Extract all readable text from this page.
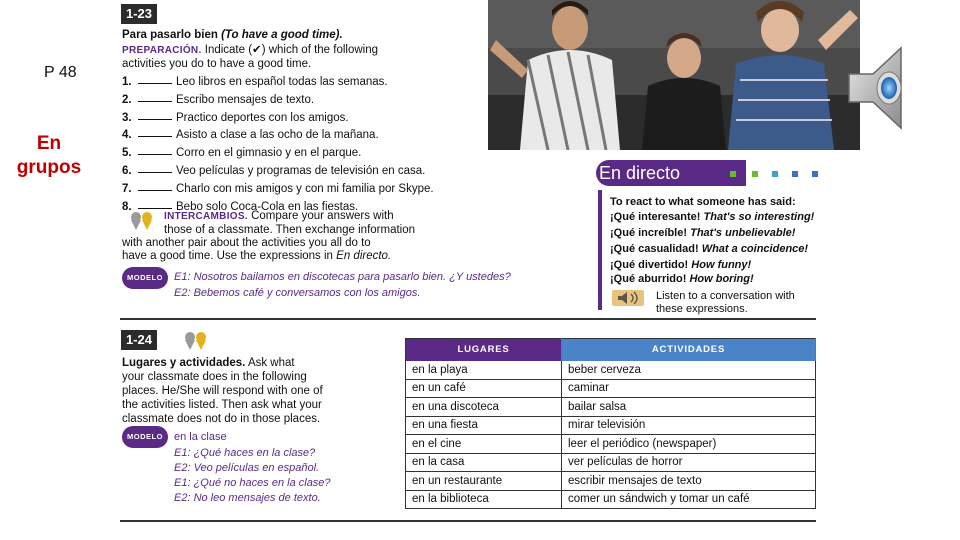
P 48
En grupos
1-23
Para pasarlo bien (To have a good time).
PREPARACIÓN. Indicate (✔) which of the following
activities you do to have a good time.
1.	Leo libros en español todas las semanas.
2.	Escribo mensajes de texto.
3.	Practico deportes con los amigos.
4.	Asisto a clase a las ocho de la mañana.
5.	Corro en el gimnasio y en el parque.
6.	Veo películas y programas de televisión en casa.
7.	Charlo con mis amigos y con mi familia por Skype.
8.	Bebo solo Coca-Cola en las fiestas.
INTERCAMBIOS. Compare your answers with
those of a classmate. Then exchange information
with another pair about the activities you all do to
have a good time. Use the expressions in En directo.
MODELO	E1: Nosotros bailamos en discotecas para pasarlo bien. ¿Y ustedes?
E2: Bebemos café y conversamos con los amigos.
En directo
To react to what someone has said:
¡Qué interesante! That's so interesting!
¡Qué increíble! That's unbelievable!
¡Qué casualidad! What a coincidence!
¡Qué divertido! How funny!
¡Qué aburrido! How boring!
Listen to a conversation with
these expressions.
1-24
Lugares y actividades. Ask what
your classmate does in the following
places. He/She will respond with one of
the activities listed. Then ask what your
classmate does not do in those places.
MODELO	en la clase
E1: ¿Qué haces en la clase?
E2: Veo películas en español.
E1: ¿Qué no haces en la clase?
E2: No leo mensajes de texto.
LUGARES	ACTIVIDADES
en la playa	beber cerveza
en un café	caminar
en una discoteca	bailar salsa
en una fiesta	mirar televisión
en el cine	leer el periódico (newspaper)
en la casa	ver películas de horror
en un restaurante	escribir mensajes de texto
en la biblioteca	comer un sándwich y tomar un café
